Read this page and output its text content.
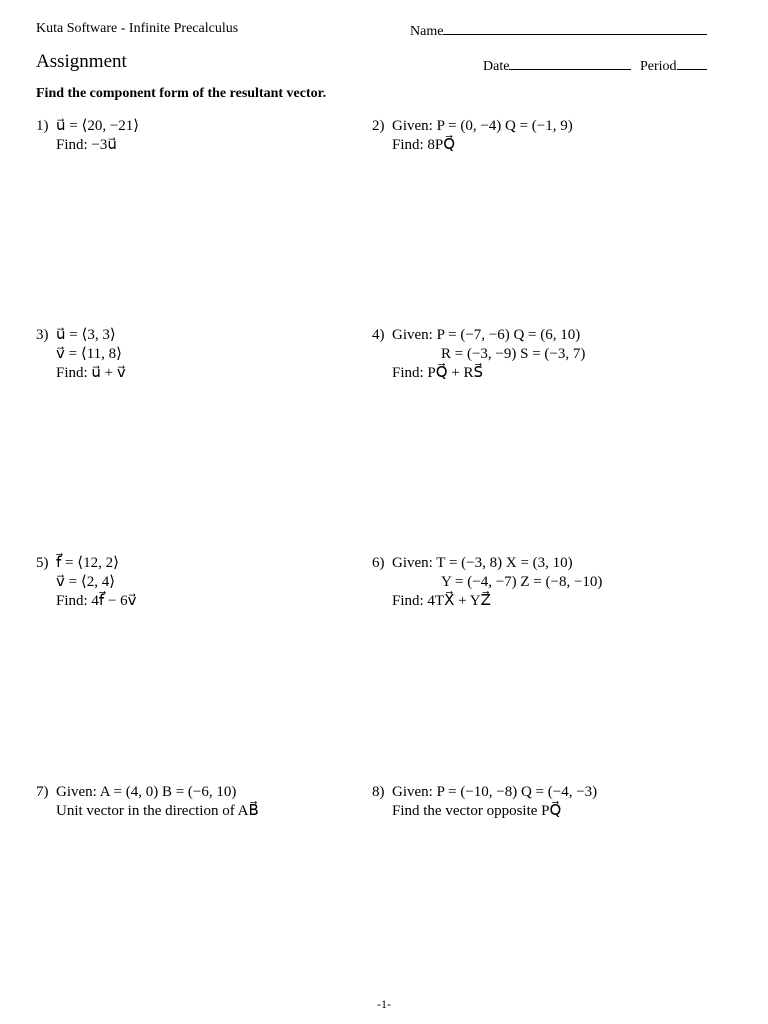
Kuta Software - Infinite Precalculus	Name
Assignment	Date	Period
Find the component form of the resultant vector.
1) u⃗ = ⟨20, −21⟩
Find: −3u⃗
2) Given: P = (0, −4) Q = (−1, 9)
Find: 8PQ⃗
3) u⃗ = ⟨3, 3⟩
v⃗ = ⟨11, 8⟩
Find: u⃗ + v⃗
4) Given: P = (−7, −6) Q = (6, 10)
R = (−3, −9) S = (−3, 7)
Find: PQ⃗ + RS⃗
5) f⃗ = ⟨12, 2⟩
v⃗ = ⟨2, 4⟩
Find: 4f⃗ − 6v⃗
6) Given: T = (−3, 8) X = (3, 10)
Y = (−4, −7) Z = (−8, −10)
Find: 4TX⃗ + YZ⃗
7) Given: A = (4, 0) B = (−6, 10)
Unit vector in the direction of AB⃗
8) Given: P = (−10, −8) Q = (−4, −3)
Find the vector opposite PQ⃗
-1-
